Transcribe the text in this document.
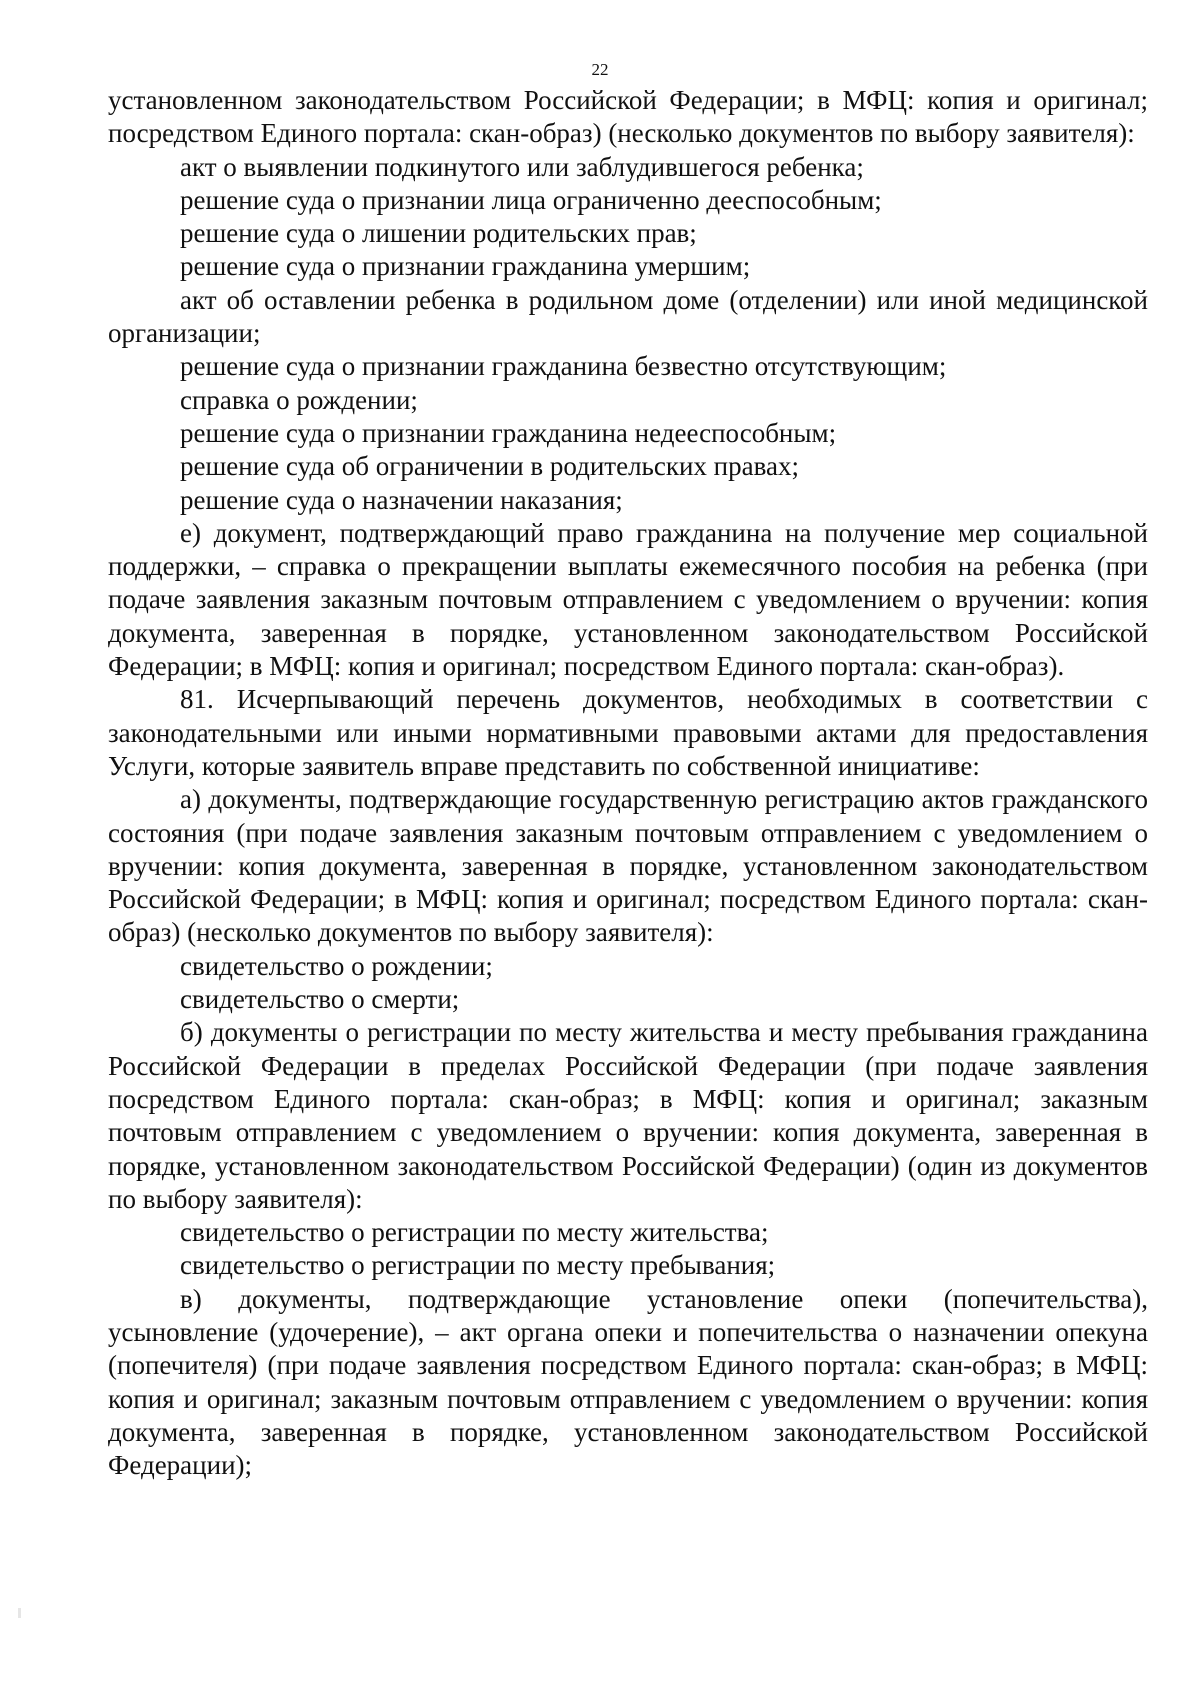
22

установленном законодательством Российской Федерации; в МФЦ: копия и оригинал; посредством Единого портала: скан-образ) (несколько документов по выбору заявителя):

акт о выявлении подкинутого или заблудившегося ребенка;

решение суда о признании лица ограниченно дееспособным;

решение суда о лишении родительских прав;

решение суда о признании гражданина умершим;

акт об оставлении ребенка в родильном доме (отделении) или иной медицинской организации;

решение суда о признании гражданина безвестно отсутствующим;

справка о рождении;

решение суда о признании гражданина недееспособным;

решение суда об ограничении в родительских правах;

решение суда о назначении наказания;

е) документ, подтверждающий право гражданина на получение мер социальной поддержки, – справка о прекращении выплаты ежемесячного пособия на ребенка (при подаче заявления заказным почтовым отправлением с уведомлением о вручении: копия документа, заверенная в порядке, установленном законодательством Российской Федерации; в МФЦ: копия и оригинал; посредством Единого портала: скан-образ).

81. Исчерпывающий перечень документов, необходимых в соответствии с законодательными или иными нормативными правовыми актами для предоставления Услуги, которые заявитель вправе представить по собственной инициативе:

а) документы, подтверждающие государственную регистрацию актов гражданского состояния (при подаче заявления заказным почтовым отправлением с уведомлением о вручении: копия документа, заверенная в порядке, установленном законодательством Российской Федерации; в МФЦ: копия и оригинал; посредством Единого портала: скан-образ) (несколько документов по выбору заявителя):

свидетельство о рождении;

свидетельство о смерти;

б) документы о регистрации по месту жительства и месту пребывания гражданина Российской Федерации в пределах Российской Федерации (при подаче заявления посредством Единого портала: скан-образ; в МФЦ: копия и оригинал; заказным почтовым отправлением с уведомлением о вручении: копия документа, заверенная в порядке, установленном законодательством Российской Федерации) (один из документов по выбору заявителя):

свидетельство о регистрации по месту жительства;

свидетельство о регистрации по месту пребывания;

в) документы, подтверждающие установление опеки (попечительства), усыновление (удочерение), – акт органа опеки и попечительства о назначении опекуна (попечителя) (при подаче заявления посредством Единого портала: скан-образ; в МФЦ: копия и оригинал; заказным почтовым отправлением с уведомлением о вручении: копия документа, заверенная в порядке, установленном законодательством Российской Федерации);
